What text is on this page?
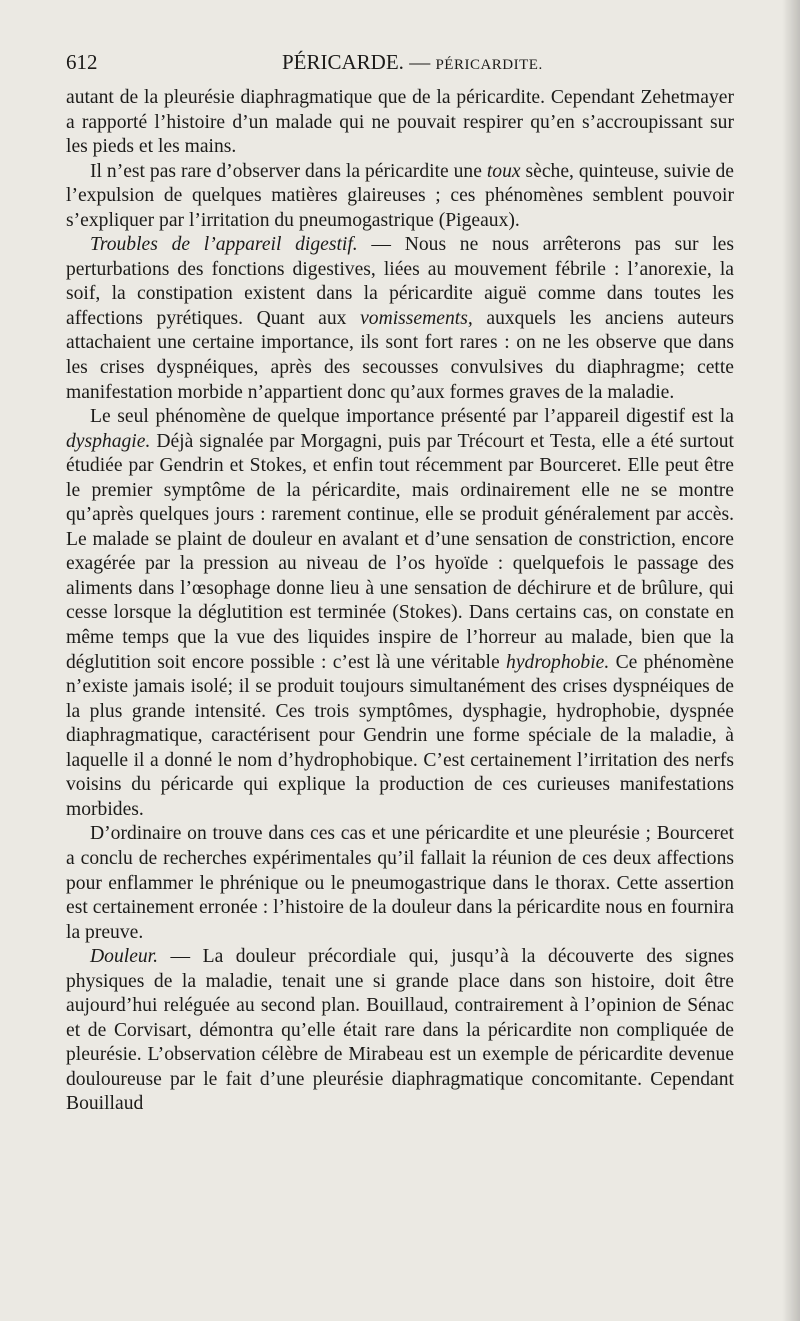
612	PÉRICARDE. — PÉRICARDITE.

autant de la pleurésie diaphragmatique que de la péricardite. Cependant Zehetmayer a rapporté l’histoire d’un malade qui ne pouvait respirer qu’en s’accroupissant sur les pieds et les mains.

Il n’est pas rare d’observer dans la péricardite une toux sèche, quinteuse, suivie de l’expulsion de quelques matières glaireuses ; ces phénomènes semblent pouvoir s’expliquer par l’irritation du pneumogastrique (Pigeaux).

Troubles de l’appareil digestif. — Nous ne nous arrêterons pas sur les perturbations des fonctions digestives, liées au mouvement fébrile : l’anorexie, la soif, la constipation existent dans la péricardite aiguë comme dans toutes les affections pyrétiques. Quant aux vomissements, auxquels les anciens auteurs attachaient une certaine importance, ils sont fort rares : on ne les observe que dans les crises dyspnéiques, après des secousses convulsives du diaphragme; cette manifestation morbide n’appartient donc qu’aux formes graves de la maladie.

Le seul phénomène de quelque importance présenté par l’appareil digestif est la dysphagie. Déjà signalée par Morgagni, puis par Trécourt et Testa, elle a été surtout étudiée par Gendrin et Stokes, et enfin tout récemment par Bourceret. Elle peut être le premier symptôme de la péricardite, mais ordinairement elle ne se montre qu’après quelques jours : rarement continue, elle se produit généralement par accès. Le malade se plaint de douleur en avalant et d’une sensation de constriction, encore exagérée par la pression au niveau de l’os hyoïde : quelquefois le passage des aliments dans l’œsophage donne lieu à une sensation de déchirure et de brûlure, qui cesse lorsque la déglutition est terminée (Stokes). Dans certains cas, on constate en même temps que la vue des liquides inspire de l’horreur au malade, bien que la déglutition soit encore possible : c’est là une véritable hydrophobie. Ce phénomène n’existe jamais isolé; il se produit toujours simultanément des crises dyspnéiques de la plus grande intensité. Ces trois symptômes, dysphagie, hydrophobie, dyspnée diaphragmatique, caractérisent pour Gendrin une forme spéciale de la maladie, à laquelle il a donné le nom d’hydrophobique. C’est certainement l’irritation des nerfs voisins du péricarde qui explique la production de ces curieuses manifestations morbides.

D’ordinaire on trouve dans ces cas et une péricardite et une pleurésie ; Bourceret a conclu de recherches expérimentales qu’il fallait la réunion de ces deux affections pour enflammer le phrénique ou le pneumogastrique dans le thorax. Cette assertion est certainement erronée : l’histoire de la douleur dans la péricardite nous en fournira la preuve.

Douleur. — La douleur précordiale qui, jusqu’à la découverte des signes physiques de la maladie, tenait une si grande place dans son histoire, doit être aujourd’hui reléguée au second plan. Bouillaud, contrairement à l’opinion de Sénac et de Corvisart, démontra qu’elle était rare dans la péricardite non compliquée de pleurésie. L’observation célèbre de Mirabeau est un exemple de péricardite devenue douloureuse par le fait d’une pleurésie diaphragmatique concomitante. Cependant Bouillaud
